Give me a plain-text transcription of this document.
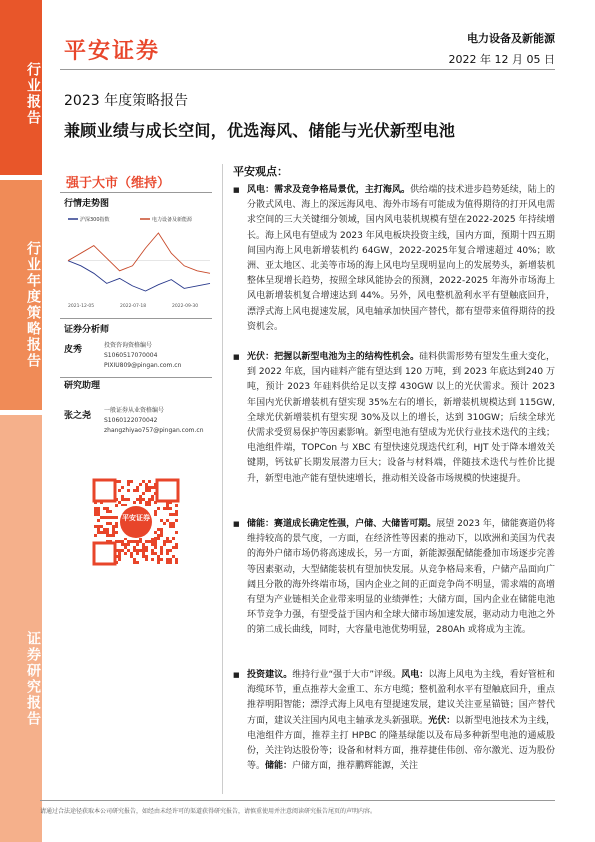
行业报告
行业年度策略报告
证券研究报告
平安证券
电力设备及新能源
2022 年 12 月 05 日
2023 年度策略报告
兼顾业绩与成长空间，优选海风、储能与光伏新型电池
强于大市（维持）
行情走势图
沪深300指数	电力设备及新能源
2021-12-05	2022-07-18	2022-09-30
证券分析师
皮秀	投资咨询资格编号
S1060517070004
PIXIU809@pingan.com.cn
研究助理
张之尧
一般证券从业资格编号
S1060122070042
zhangzhiyao757@pingan.com.cn
平安证券
平安观点：
■ 风电：需求及竞争格局景优，主打海风。供给端的技术进步趋势延续，陆上的分散式风电、海上的深远海风电、海外市场有可能成为值得期待的打开风电需求空间的三大关键细分领域，国内风电装机规模有望在2022-2025 年持续增长。海上风电有望成为 2023 年风电板块投资主线，国内方面，预期十四五期间国内海上风电新增装机约 64GW，2022-2025年复合增速超过 40%；欧洲、亚太地区、北美等市场的海上风电均呈现明显向上的发展势头，新增装机整体呈现增长趋势，按照全球风能协会的预测，2022-2025 年海外市场海上风电新增装机复合增速达到 44%。另外，风电整机盈利水平有望触底回升，漂浮式海上风电提速发展，风电轴承加快国产替代，都有望带来值得期待的投资机会。

■ 光伏：把握以新型电池为主的结构性机会。硅料供需形势有望发生重大变化，到 2022 年底，国内硅料产能有望达到 120 万吨，到 2023 年底达到240 万吨，预计 2023 年硅料供给足以支撑 430GW 以上的光伏需求。预计 2023 年国内光伏新增装机有望实现 35%左右的增长，新增装机规模达到 115GW,全球光伏新增装机有望实现 30%及以上的增长，达到 310GW；后续全球光伏需求受贸易保护等因素影响。新型电池有望成为光伏行业技术迭代的主线；电池组件端，TOPCon 与 XBC 有望快速兑现迭代红利，HJT 处于降本增效关键期，钙钛矿长期发展潜力巨大；设备与材料端，伴随技术迭代与性价比提升，新型电池产能有望快速增长，推动相关设备市场规模的快速提升。

■ 储能：赛道成长确定性强，户储、大储皆可期。展望 2023 年，储能赛道仍将维持较高的景气度，一方面，在经济性等因素的推动下，以欧洲和美国为代表的海外户储市场仍将高速成长，另一方面，新能源强配储能叠加市场逐步完善等因素驱动，大型储能装机有望加快发展。从竞争格局来看，户储产品面向广阔且分散的海外终端市场，国内企业之间的正面竞争尚不明显，需求端的高增有望为产业链相关企业带来明显的业绩弹性；大储方面，国内企业在储能电池环节竞争力强，有望受益于国内和全球大储市场加速发展，驱动动力电池之外的第二成长曲线，同时，大容量电池优势明显，280Ah 或将成为主流。

■ 投资建议。维持行业“强于大市”评级。风电：以海上风电为主线，看好管桩和海缆环节，重点推荐大金重工、东方电缆；整机盈利水平有望触底回升，重点推荐明阳智能；漂浮式海上风电有望提速发展，建议关注亚星锚链；国产替代方面，建议关注国内风电主轴承龙头新强联。光伏：以新型电池技术为主线，电池组件方面，推荐主打 HPBC 的隆基绿能以及布局多种新型电池的通威股份，关注钧达股份等；设备和材料方面，推荐捷佳伟创、帝尔激光、迈为股份等。储能：户储方面，推荐鹏辉能源，关注

请通过合法途径获取本公司研究报告，如经由未经许可的渠道获得研究报告，请慎重使用并注意阅读研究报告尾页的声明内容。
